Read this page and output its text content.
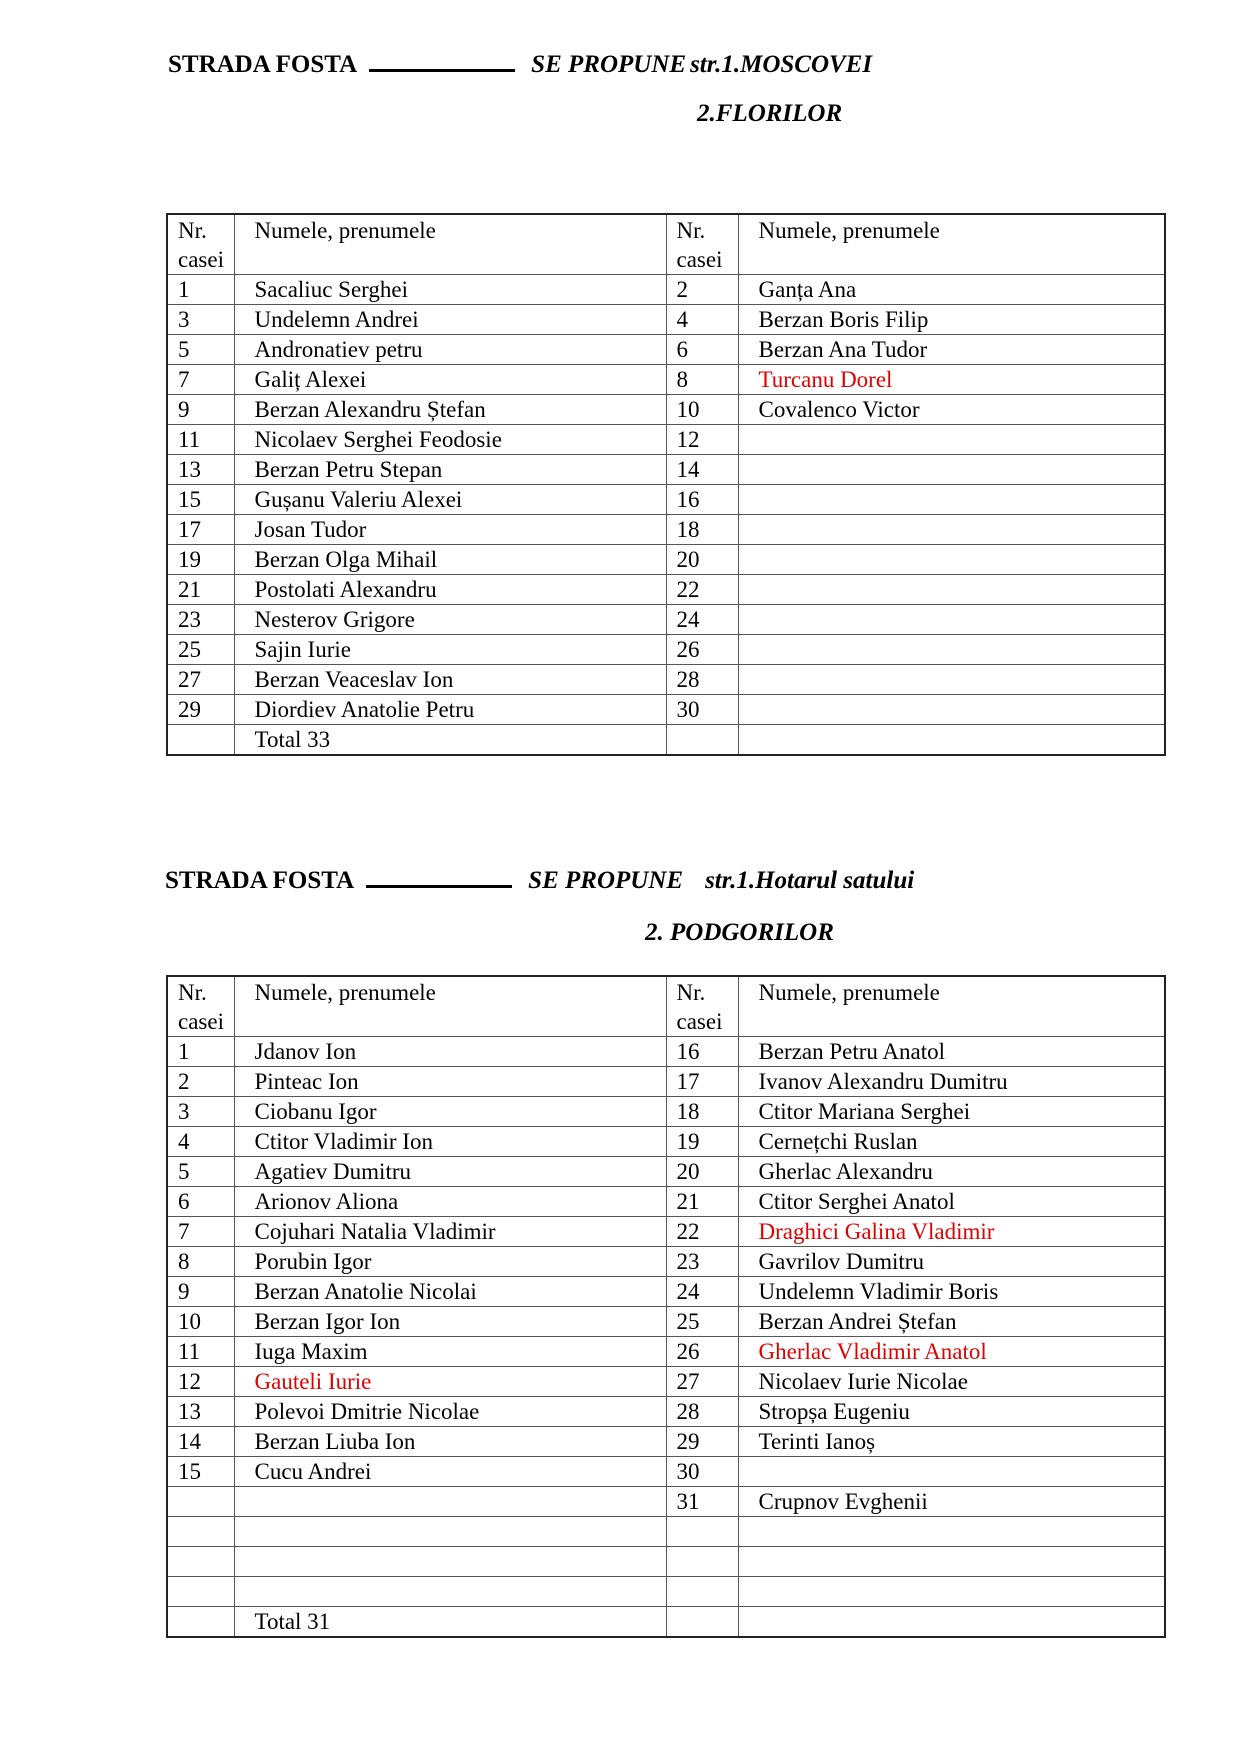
STRADA FOSTA	SE PROPUNE str.1.MOSCOVEI
2.FLORILOR
Nr. casei	Numele, prenumele	Nr. casei	Numele, prenumele
1	Sacaliuc Serghei	2	Ganța Ana
3	Undelemn Andrei	4	Berzan Boris Filip
5	Andronatiev petru	6	Berzan Ana Tudor
7	Galiț Alexei	8	Turcanu Dorel
9	Berzan Alexandru Ștefan	10	Covalenco Victor
11	Nicolaev Serghei Feodosie	12	
13	Berzan Petru Stepan	14	
15	Gușanu Valeriu Alexei	16	
17	Josan Tudor	18	
19	Berzan Olga Mihail	20	
21	Postolati Alexandru	22	
23	Nesterov Grigore	24	
25	Sajin Iurie	26	
27	Berzan Veaceslav Ion	28	
29	Diordiev Anatolie Petru	30	
	Total 33		
STRADA FOSTA	SE PROPUNE str.1.Hotarul satului
2. PODGORILOR
Nr. casei	Numele, prenumele	Nr. casei	Numele, prenumele
1	Jdanov Ion	16	Berzan Petru Anatol
2	Pinteac Ion	17	Ivanov Alexandru Dumitru
3	Ciobanu Igor	18	Ctitor Mariana Serghei
4	Ctitor Vladimir Ion	19	Cernețchi Ruslan
5	Agatiev Dumitru	20	Gherlac Alexandru
6	Arionov Aliona	21	Ctitor Serghei Anatol
7	Cojuhari Natalia Vladimir	22	Draghici Galina Vladimir
8	Porubin Igor	23	Gavrilov Dumitru
9	Berzan Anatolie Nicolai	24	Undelemn Vladimir Boris
10	Berzan Igor Ion	25	Berzan Andrei Ștefan
11	Iuga Maxim	26	Gherlac Vladimir Anatol
12	Gauteli Iurie	27	Nicolaev Iurie Nicolae
13	Polevoi Dmitrie Nicolae	28	Stropșa Eugeniu
14	Berzan Liuba Ion	29	Terinti Ianoș
15	Cucu Andrei	30	
		31	Crupnov Evghenii

	Total 31		
